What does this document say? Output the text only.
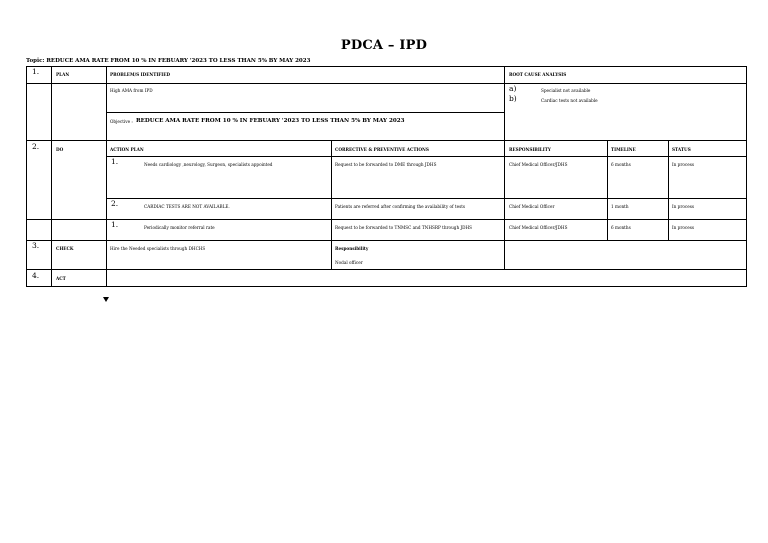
PDCA – IPD
Topic: REDUCE AMA RATE FROM 10 % IN FEBUARY '2023 TO LESS THAN 5% BY MAY 2023
1.	PLAN	PROBLEM/S IDENTIFIED	ROOT CAUSE ANALYSIS
High AMA from IPD
Objective : REDUCE AMA RATE FROM 10 % IN FEBUARY '2023 TO LESS THAN 5% BY MAY 2023
a)	Specialist not available
b)	Cardiac tests not available
2.	DO	ACTION PLAN	CORRECTIVE & PREVENTIVE ACTIONS	RESPONSIBILITY	TIMELINE	STATUS
1.	Needs cardiology ,neurology, Surgeon, specialists appointed	Request to be forwarded to DME through JDHS	Chief Medical Officer/JDHS	6 months	In process
2.	CARDIAC TESTS ARE NOT AVAILABLE.	Patients are referred after confirming the availability of tests	Chief Medical Officer	1 month	In process
1.	Periodically monitor referral rate	Request to be forwarded to TNMSC and TNHSRP through JDHS	Chief Medical Officer/JDHS	6 months	In process
3.	CHECK	Hire the Needed specialists through DHCHS	Responsibility
Nodal officer
4.	ACT
